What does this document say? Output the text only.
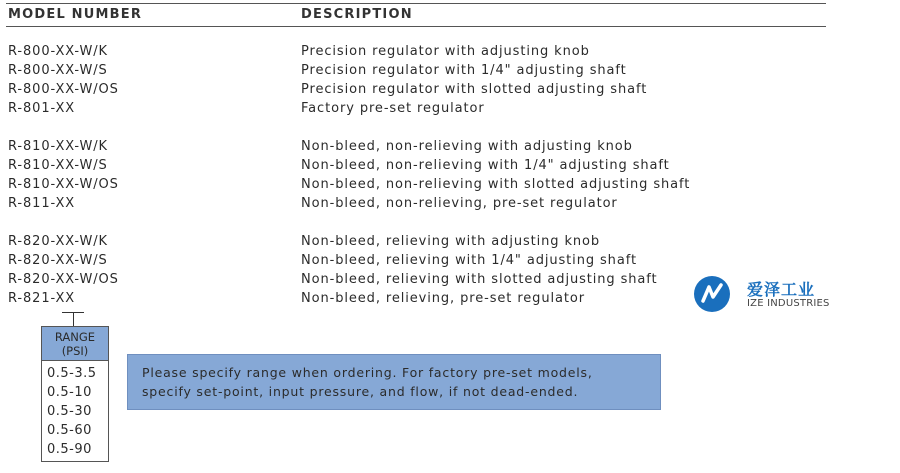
MODEL NUMBER	DESCRIPTION
R-800-XX-W/K	Precision regulator with adjusting knob
R-800-XX-W/S	Precision regulator with 1/4" adjusting shaft
R-800-XX-W/OS	Precision regulator with slotted adjusting shaft
R-801-XX	Factory pre-set regulator
R-810-XX-W/K	Non-bleed, non-relieving with adjusting knob
R-810-XX-W/S	Non-bleed, non-relieving with 1/4" adjusting shaft
R-810-XX-W/OS	Non-bleed, non-relieving with slotted adjusting shaft
R-811-XX	Non-bleed, non-relieving, pre-set regulator
R-820-XX-W/K	Non-bleed, relieving with adjusting knob
R-820-XX-W/S	Non-bleed, relieving with 1/4" adjusting shaft
R-820-XX-W/OS	Non-bleed, relieving with slotted adjusting shaft
R-821-XX	Non-bleed, relieving, pre-set regulator
RANGE
(PSI)
0.5-3.5
0.5-10
0.5-30
0.5-60
0.5-90
Please specify range when ordering. For factory pre-set models,
specify set-point, input pressure, and flow, if not dead-ended.
爱泽工业
IZE INDUSTRIES
